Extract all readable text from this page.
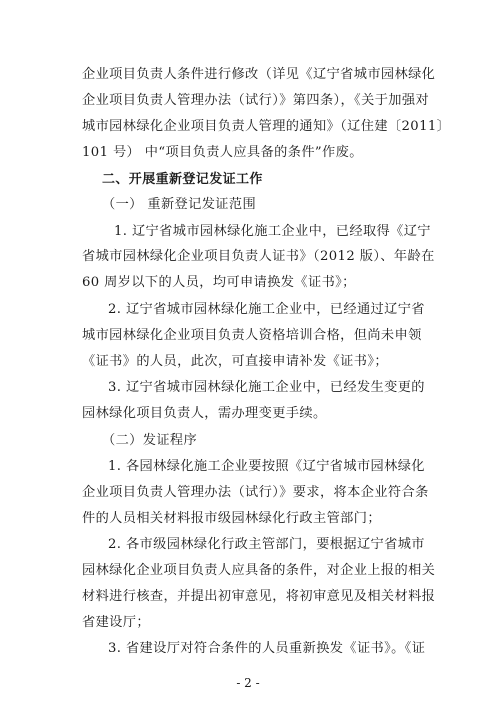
企业项目负责人条件进行修改（详见《辽宁省城市园林绿化
企业项目负责人管理办法（试行）》第四条），《关于加强对
城市园林绿化企业项目负责人管理的通知》（辽住建〔2011〕
101 号） 中“项目负责人应具备的条件”作废。
二、开展重新登记发证工作
（一） 重新登记发证范围
1. 辽宁省城市园林绿化施工企业中，已经取得《辽宁
省城市园林绿化企业项目负责人证书》（2012 版）、年龄在
60 周岁以下的人员，均可申请换发《证书》；
2. 辽宁省城市园林绿化施工企业中，已经通过辽宁省
城市园林绿化企业项目负责人资格培训合格，但尚未申领
《证书》的人员，此次，可直接申请补发《证书》；
3. 辽宁省城市园林绿化施工企业中，已经发生变更的
园林绿化项目负责人，需办理变更手续。
（二）发证程序
1. 各园林绿化施工企业要按照《辽宁省城市园林绿化
企业项目负责人管理办法（试行）》要求，将本企业符合条
件的人员相关材料报市级园林绿化行政主管部门；
2. 各市级园林绿化行政主管部门，要根据辽宁省城市
园林绿化企业项目负责人应具备的条件，对企业上报的相关
材料进行核查，并提出初审意见，将初审意见及相关材料报
省建设厅；
3. 省建设厅对符合条件的人员重新换发《证书》。《证
- 2 -
